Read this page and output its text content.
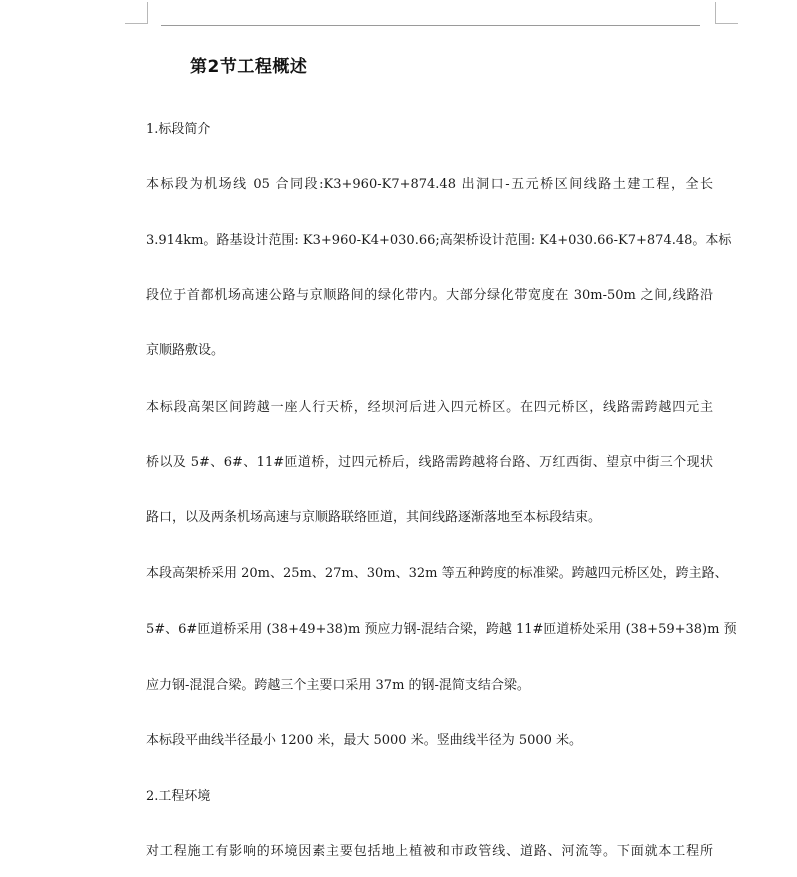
第2节工程概述
1.标段简介
本标段为机场线 05 合同段:K3+960-K7+874.48 出洞口-五元桥区间线路土建工程，全长
3.914km。路基设计范围: K3+960-K4+030.66;高架桥设计范围: K4+030.66-K7+874.48。本标
段位于首都机场高速公路与京顺路间的绿化带内。大部分绿化带宽度在 30m-50m 之间,线路沿
京顺路敷设。
本标段高架区间跨越一座人行天桥，经坝河后进入四元桥区。在四元桥区，线路需跨越四元主
桥以及 5#、6#、11#匝道桥，过四元桥后，线路需跨越将台路、万红西街、望京中街三个现状
路口，以及两条机场高速与京顺路联络匝道，其间线路逐渐落地至本标段结束。
本段高架桥采用 20m、25m、27m、30m、32m 等五种跨度的标准梁。跨越四元桥区处，跨主路、
5#、6#匝道桥采用 (38+49+38)m 预应力钢-混结合梁，跨越 11#匝道桥处采用 (38+59+38)m 预
应力钢-混混合梁。跨越三个主要口采用 37m 的钢-混简支结合梁。
本标段平曲线半径最小 1200 米，最大 5000 米。竖曲线半径为 5000 米。
2.工程环境
对工程施工有影响的环境因素主要包括地上植被和市政管线、道路、河流等。下面就本工程所
